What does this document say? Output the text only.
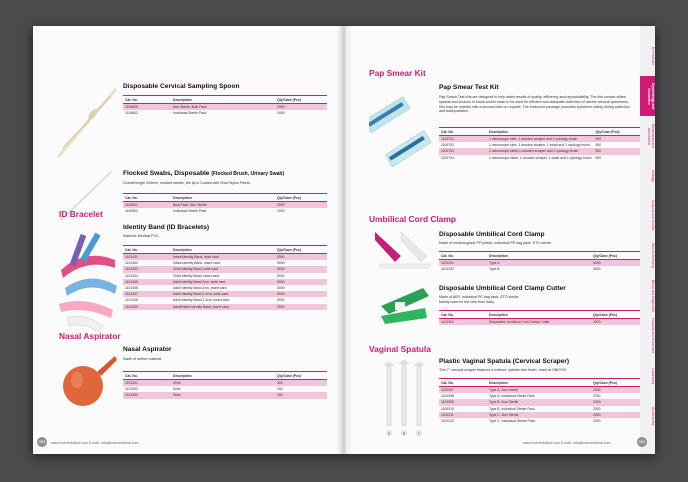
Disposable Cervical Sampling Spoon
Cat. No.	Description	Qty/Case (Pcs)
1100603	Non Sterile, Bulk Pack	2000
1100602	Individual Sterile Pack	2000
Flocked Swabs, Disposable (Flocked Brush, Urinary Swab)
Overall length 200mm, molded handle, the tip is Coated with Short Nylon Fibers.
Cat. No.	Description	Qty/Case (Pcs)
1100501	Bulk Pack, Non Sterile	2000
1100502	Individual Sterile Pack	2000
ID Bracelet
Identity Band (ID Bracelets)
Material: Medical PVC
Cat. No.	Description	Qty/Case (Pcs)
1101401	Infant Identity Band, write card	5000
1101402	Infant Identity Band, insert card	5000
1101403	Child Identity Band, write card	5000
1101404	Child Identity Band, insert card	5000
1101405	Adult Identity Band 2cm, write card	5000
1101406	Adult Identity Band 2cm, insert card	5000
1101407	Adult Identity Band 2.4cm, write card	5000
1101408	Adult Identity Band 2.4cm, insert card	5000
1101409	Adult/Infant Identity Band, insert card	2500
Nasal Aspirator
Nasal Aspirator
Made of rubber material.
Cat. No.	Description	Qty/Case (Pcs)
1101301	30ml	300
1101302	60ml	200
1101303	90ml	150
053	www.boenmedical.com E-mail: info@boenmedical.com
Pap Smear Kit
Pap Smear Test Kit
Pap Smear Test Kits are designed to help attain results of quality, efficiency and reproducibility. The kits contain slides, spatula and choices of brush and/or swab to be used for efficient and adequate collection of uterine cervical specimens. Kits may be ordered with a second slide on request. The enclosure package promotes specimen safety during collection and transportation.
Cat. No.	Description	Qty/Case (Pcs)
1100701	1 microscope side, 1 wooden scraper and 1 cytology brush	500
1100702	1 microscope side, 1 wooden scraper, 1 swab and 1 cytology brush	500
1100703	2 microscope sides,1 wooden scraper and 1 cytology brush	500
1100704	2 microscope sides, 1 wooden scraper, 1 swab and 1 cytology brush	500
Umbilical Cord Clamp
Disposable Umbilical Cord Clamp
Made of medical grade PP plastic, individual PE bag pack. ETO sterile.
Cat. No.	Description	Qty/Case (Pcs)
1101201	Type A	5000
1101202	Type B	5000
Disposable Umbilical Cord Clamp Cutter
Made of ABS, individual PE bag pack, ETO sterile.
Mainly used for the new born baby.
Cat. No.	Description	Qty/Case (Pcs)
1101301	Disposable Umbilical Cord Clamp Cutter	2000
Vaginal Spatula
A	B	C
Plastic Vaginal Spatula (Cervical Scraper)
This 7" cervical scraper features a uniform, splinter-free finish. Used at OB/GYN.
Cat. No.	Description	Qty/Case (Pcs)
1100307	Type A, Non Sterile	2000
1100308	Type A, Individual Sterile Pack	2000
1100309	Type B, Non Sterile	2000
1100310	Type B, Individual Sterile Pack	2000
1100311	Type C, Non Sterile	2000
1100312	Type C, Individual Sterile Pack	2000
Dr Products
Gynecology and Obstetrics
Respiratory and Anesthesia
Urology
Surgical and Suction
Wound Dressing
Blood and Diagnostic
Hospital and Homecare
Laboratory
Accessories
www.boenmedical.com E-mail: info@boenmedical.com	054
